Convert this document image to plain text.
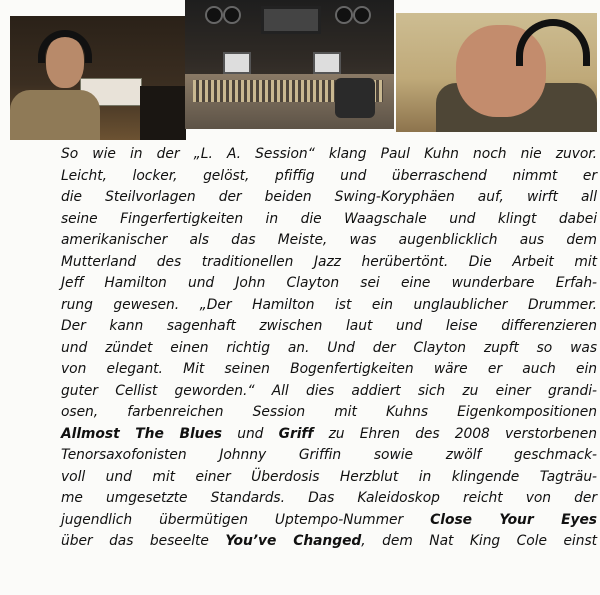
So wie in der „L. A. Session“ klang Paul Kuhn noch nie zuvor.
Leicht, locker, gelöst, pfiffig und überraschend nimmt er
die Steilvorlagen der beiden Swing-Koryphäen auf, wirft all
seine Fingerfertigkeiten in die Waagschale und klingt dabei
amerikanischer als das Meiste, was augenblicklich aus dem
Mutterland des traditionellen Jazz herübertönt. Die Arbeit mit
Jeff Hamilton und John Clayton sei eine wunderbare Erfah-
rung gewesen. „Der Hamilton ist ein unglaublicher Drummer.
Der kann sagenhaft zwischen laut und leise differenzieren
und zündet einen richtig an. Und der Clayton zupft so was
von elegant. Mit seinen Bogenfertigkeiten wäre er auch ein
guter Cellist geworden.“ All dies addiert sich zu einer grandi-
osen, farbenreichen Session mit Kuhns Eigenkompositionen
Allmost The Blues und Griff zu Ehren des 2008 verstorbenen
Tenorsaxofonisten Johnny Griffin sowie zwölf geschmack-
voll und mit einer Überdosis Herzblut in klingende Tagträu-
me umgesetzte Standards. Das Kaleidoskop reicht von der
jugendlich übermütigen Uptempo-Nummer Close Your Eyes
über das beseelte You’ve Changed, dem Nat King Cole einst
